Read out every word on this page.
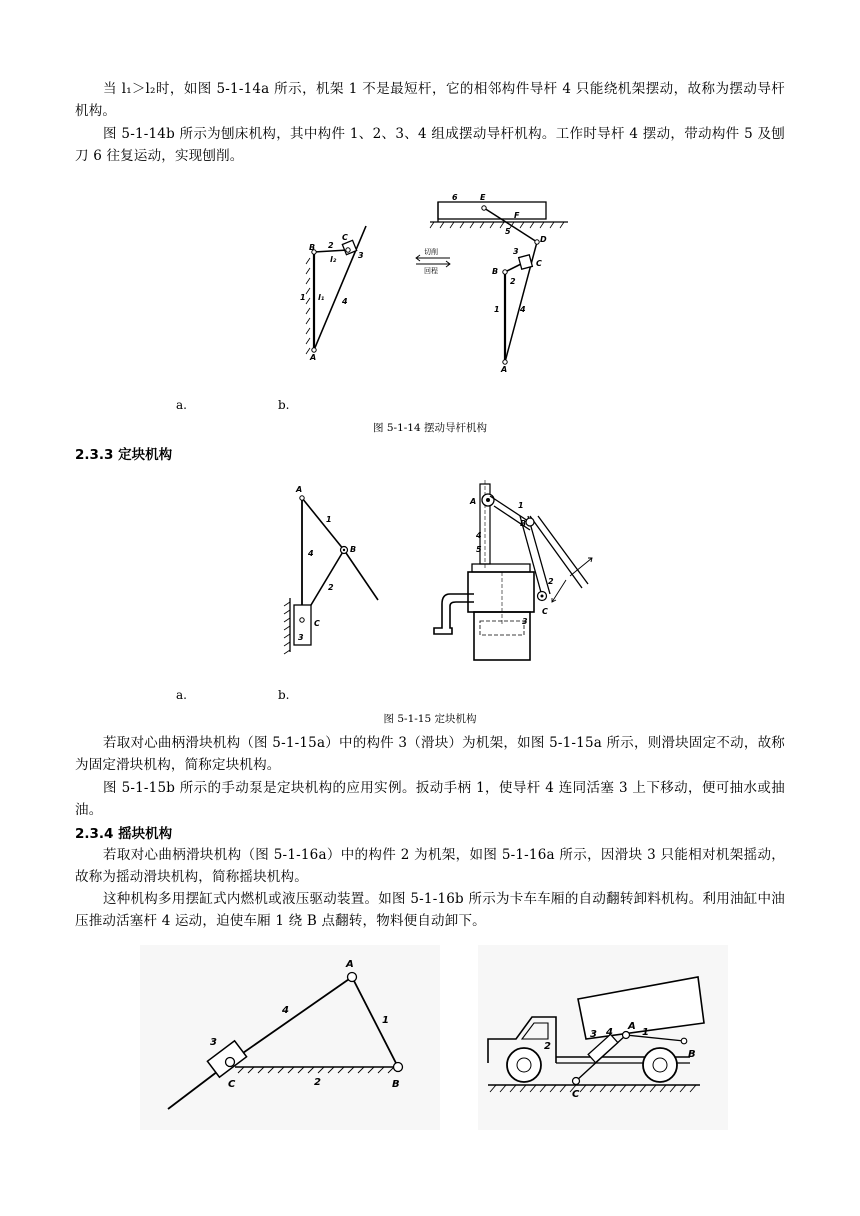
当 l₁＞l₂时，如图 5-1-14a 所示，机架 1 不是最短杆，它的相邻构件导杆 4 只能绕机架摆动，故称为摆动导杆机构。

图 5-1-14b 所示为刨床机构，其中构件 1、2、3、4 组成摆动导杆机构。工作时导杆 4 摆动，带动构件 5 及刨刀 6 往复运动，实现刨削。

B 2
C
3
l₂
1 l₁ 4
A
6	E
F
5
D
3
C
B
2
1	4
A
切削
回程
a.	b.
图 5-1-14 摆动导杆机构
2.3.3 定块机构
A
1
B
4
2
C
3
A	1
B
4
5
2
C
3
a.	b.
图 5-1-15 定块机构

若取对心曲柄滑块机构（图 5-1-15a）中的构件 3（滑块）为机架，如图 5-1-15a 所示，则滑块固定不动，故称为固定滑块机构，简称定块机构。

图 5-1-15b 所示的手动泵是定块机构的应用实例。扳动手柄 1，使导杆 4 连同活塞 3 上下移动，便可抽水或抽油。

2.3.4 摇块机构

若取对心曲柄滑块机构（图 5-1-16a）中的构件 2 为机架，如图 5-1-16a 所示，因滑块 3 只能相对机架摇动，故称为摇动滑块机构，简称摇块机构。

这种机构多用摆缸式内燃机或液压驱动装置。如图 5-1-16b 所示为卡车车厢的自动翻转卸料机构。利用油缸中油压推动活塞杆 4 运动，迫使车厢 1 绕 B 点翻转，物料便自动卸下。

A
4
1
3
C	2	B
2
3 4
A
1
B
C
